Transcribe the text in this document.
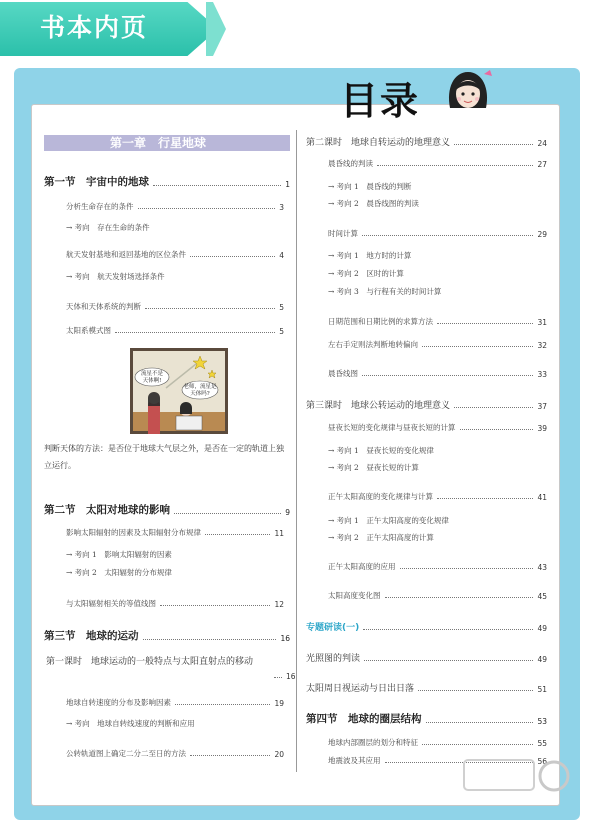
书本内页
目录
第一章　行星地球
第一节　宇宙中的地球	1
分析生命存在的条件	3
→ 考向　存在生命的条件
航天发射基地和返回基地的区位条件	4
→ 考向　航天发射场选择条件
天体和天体系统的判断	5
太阳系模式图	5
第二节　太阳对地球的影响	9
影响太阳辐射的因素及太阳辐射分布规律	11
→ 考向 1　影响太阳辐射的因素
→ 考向 2　太阳辐射的分布规律
与太阳辐射相关的等值线图	12
第三节　地球的运动	16
第一课时　地球运动的一般特点与太阳直射点的移动
16
地球自转速度的分布及影响因素	19
→ 考向　地球自转线速度的判断和应用
公转轨道图上确定二分二至日的方法	20
第二课时　地球自转运动的地理意义	24
晨昏线的判读	27
→ 考向 1　晨昏线的判断
→ 考向 2　晨昏线图的判读
时间计算	29
→ 考向 1　地方时的计算
→ 考向 2　区时的计算
→ 考向 3　与行程有关的时间计算
日期范围和日期比例的求算方法	31
左右手定则法判断地转偏向	32
晨昏线图	33
第三课时　地球公转运动的地理意义	37
昼夜长短的变化规律与昼夜长短的计算	39
→ 考向 1　昼夜长短的变化规律
→ 考向 2　昼夜长短的计算
正午太阳高度的变化规律与计算	41
→ 考向 1　正午太阳高度的变化规律
→ 考向 2　正午太阳高度的计算
正午太阳高度的应用	43
太阳高度变化图	45
专题研读(一)	49
光照图的判读	49
太阳周日视运动与日出日落	51
第四节　地球的圈层结构	53
地球内部圈层的划分和特征	55
地震波及其应用	56
流星不是
天体啊!
老师，流星是
天体吗?
判断天体的方法：是否位于地球大气层之外，是否在一定的轨道上独立运行。
